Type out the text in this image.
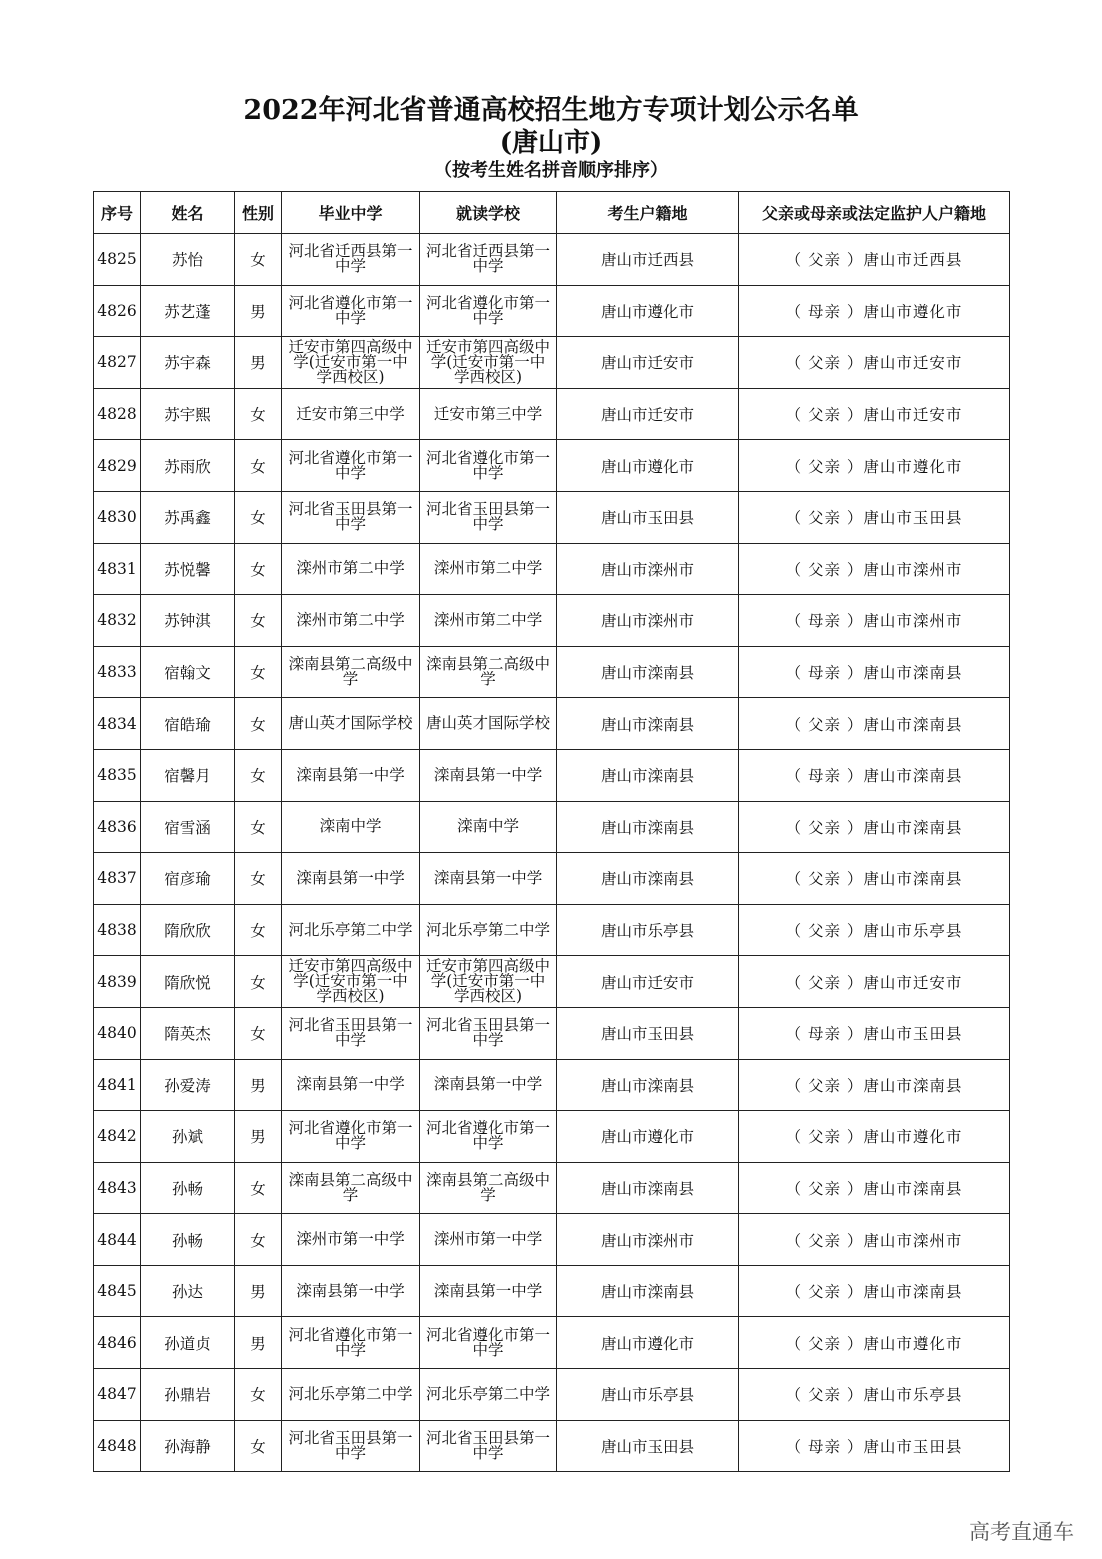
2022年河北省普通高校招生地方专项计划公示名单
(唐山市)
（按考生姓名拼音顺序排序）
序号	姓名	性别	毕业中学	就读学校	考生户籍地	父亲或母亲或法定监护人户籍地
4825	苏怡	女	河北省迁西县第一中学	河北省迁西县第一中学	唐山市迁西县	（ 父亲 ）唐山市迁西县
4826	苏艺蓬	男	河北省遵化市第一中学	河北省遵化市第一中学	唐山市遵化市	（ 母亲 ）唐山市遵化市
4827	苏宇森	男	迁安市第四高级中学(迁安市第一中学西校区)	迁安市第四高级中学(迁安市第一中学西校区)	唐山市迁安市	（ 父亲 ）唐山市迁安市
4828	苏宇熙	女	迁安市第三中学	迁安市第三中学	唐山市迁安市	（ 父亲 ）唐山市迁安市
4829	苏雨欣	女	河北省遵化市第一中学	河北省遵化市第一中学	唐山市遵化市	（ 父亲 ）唐山市遵化市
4830	苏禹鑫	女	河北省玉田县第一中学	河北省玉田县第一中学	唐山市玉田县	（ 父亲 ）唐山市玉田县
4831	苏悦馨	女	滦州市第二中学	滦州市第二中学	唐山市滦州市	（ 父亲 ）唐山市滦州市
4832	苏钟淇	女	滦州市第二中学	滦州市第二中学	唐山市滦州市	（ 母亲 ）唐山市滦州市
4833	宿翰文	女	滦南县第二高级中学	滦南县第二高级中学	唐山市滦南县	（ 母亲 ）唐山市滦南县
4834	宿皓瑜	女	唐山英才国际学校	唐山英才国际学校	唐山市滦南县	（ 父亲 ）唐山市滦南县
4835	宿馨月	女	滦南县第一中学	滦南县第一中学	唐山市滦南县	（ 母亲 ）唐山市滦南县
4836	宿雪涵	女	滦南中学	滦南中学	唐山市滦南县	（ 父亲 ）唐山市滦南县
4837	宿彦瑜	女	滦南县第一中学	滦南县第一中学	唐山市滦南县	（ 父亲 ）唐山市滦南县
4838	隋欣欣	女	河北乐亭第二中学	河北乐亭第二中学	唐山市乐亭县	（ 父亲 ）唐山市乐亭县
4839	隋欣悦	女	迁安市第四高级中学(迁安市第一中学西校区)	迁安市第四高级中学(迁安市第一中学西校区)	唐山市迁安市	（ 父亲 ）唐山市迁安市
4840	隋英杰	女	河北省玉田县第一中学	河北省玉田县第一中学	唐山市玉田县	（ 母亲 ）唐山市玉田县
4841	孙爱涛	男	滦南县第一中学	滦南县第一中学	唐山市滦南县	（ 父亲 ）唐山市滦南县
4842	孙斌	男	河北省遵化市第一中学	河北省遵化市第一中学	唐山市遵化市	（ 父亲 ）唐山市遵化市
4843	孙畅	女	滦南县第二高级中学	滦南县第二高级中学	唐山市滦南县	（ 父亲 ）唐山市滦南县
4844	孙畅	女	滦州市第一中学	滦州市第一中学	唐山市滦州市	（ 父亲 ）唐山市滦州市
4845	孙达	男	滦南县第一中学	滦南县第一中学	唐山市滦南县	（ 父亲 ）唐山市滦南县
4846	孙道贞	男	河北省遵化市第一中学	河北省遵化市第一中学	唐山市遵化市	（ 父亲 ）唐山市遵化市
4847	孙鼎岩	女	河北乐亭第二中学	河北乐亭第二中学	唐山市乐亭县	（ 父亲 ）唐山市乐亭县
4848	孙海静	女	河北省玉田县第一中学	河北省玉田县第一中学	唐山市玉田县	（ 母亲 ）唐山市玉田县
高考直通车
